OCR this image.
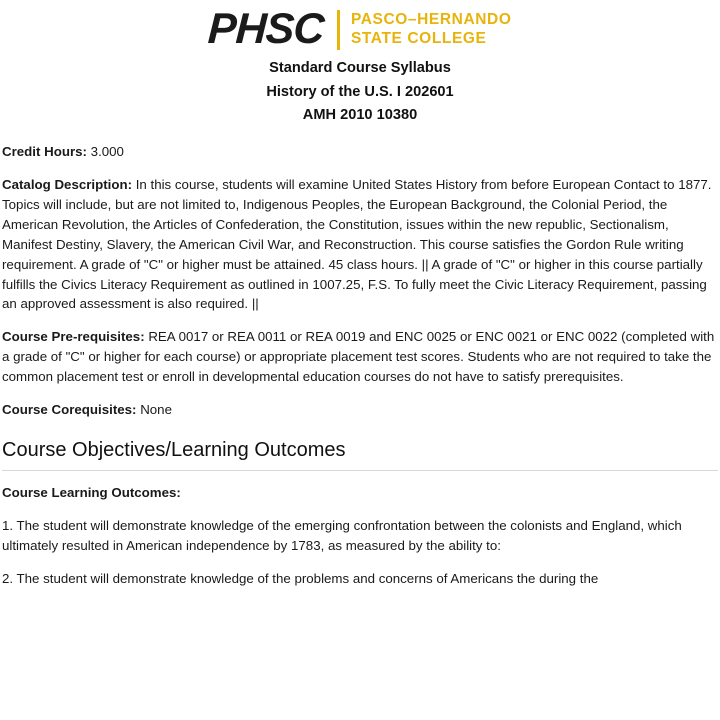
PHSC PASCO–HERNANDO
STATE COLLEGE
Standard Course Syllabus
History of the U.S. I 202601
AMH 2010 10380

Credit Hours: 3.000

Catalog Description: In this course, students will examine United States History from before European Contact to 1877. Topics will include, but are not limited to, Indigenous Peoples, the European Background, the Colonial Period, the American Revolution, the Articles of Confederation, the Constitution, issues within the new republic, Sectionalism, Manifest Destiny, Slavery, the American Civil War, and Reconstruction. This course satisfies the Gordon Rule writing requirement. A grade of "C" or higher must be attained. 45 class hours. || A grade of "C" or higher in this course partially fulfills the Civics Literacy Requirement as outlined in 1007.25, F.S. To fully meet the Civic Literacy Requirement, passing an approved assessment is also required. ||

Course Pre-requisites: REA 0017 or REA 0011 or REA 0019 and ENC 0025 or ENC 0021 or ENC 0022 (completed with a grade of "C" or higher for each course) or appropriate placement test scores. Students who are not required to take the common placement test or enroll in developmental education courses do not have to satisfy prerequisites.

Course Corequisites: None

Course Objectives/Learning Outcomes
Course Learning Outcomes:

1. The student will demonstrate knowledge of the emerging confrontation between the colonists and England, which ultimately resulted in American independence by 1783, as measured by the ability to:

2. The student will demonstrate knowledge of the problems and concerns of Americans the during the
